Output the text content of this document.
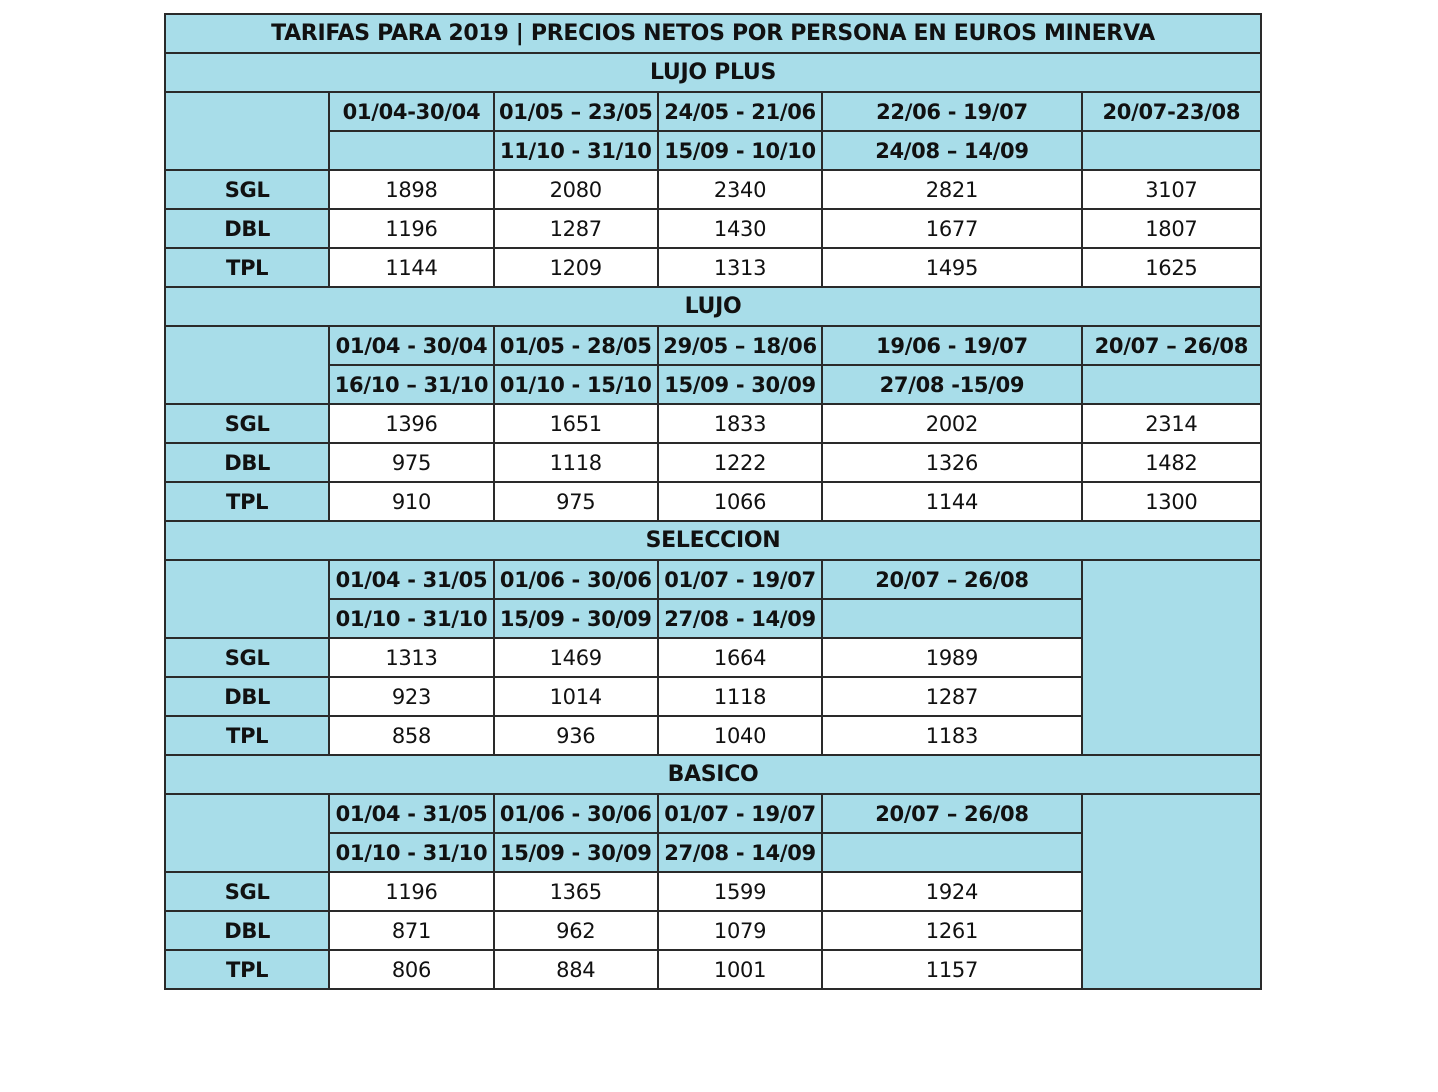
TARIFAS PARA 2019 | PRECIOS NETOS POR PERSONA EN EUROS MINERVA					
LUJO PLUS					
	01/04-30/04	01/05 – 23/05	24/05 - 21/06	22/06 - 19/07	20/07-23/08
		11/10 - 31/10	15/09 - 10/10	24/08 – 14/09	
SGL	1898	2080	2340	2821	3107
DBL	1196	1287	1430	1677	1807
TPL	1144	1209	1313	1495	1625
LUJO					
	01/04 - 30/04	01/05 - 28/05	29/05 – 18/06	19/06 - 19/07	20/07 – 26/08
	16/10 – 31/10	01/10 - 15/10	15/09 - 30/09	27/08 -15/09	
SGL	1396	1651	1833	2002	2314
DBL	975	1118	1222	1326	1482
TPL	910	975	1066	1144	1300
SELECCION					
	01/04 - 31/05	01/06 - 30/06	01/07 - 19/07	20/07 – 26/08	
	01/10 - 31/10	15/09 - 30/09	27/08 - 14/09		
SGL	1313	1469	1664	1989	
DBL	923	1014	1118	1287	
TPL	858	936	1040	1183	
BASICO					
	01/04 - 31/05	01/06 - 30/06	01/07 - 19/07	20/07 – 26/08	
	01/10 - 31/10	15/09 - 30/09	27/08 - 14/09		
SGL	1196	1365	1599	1924	
DBL	871	962	1079	1261	
TPL	806	884	1001	1157	
